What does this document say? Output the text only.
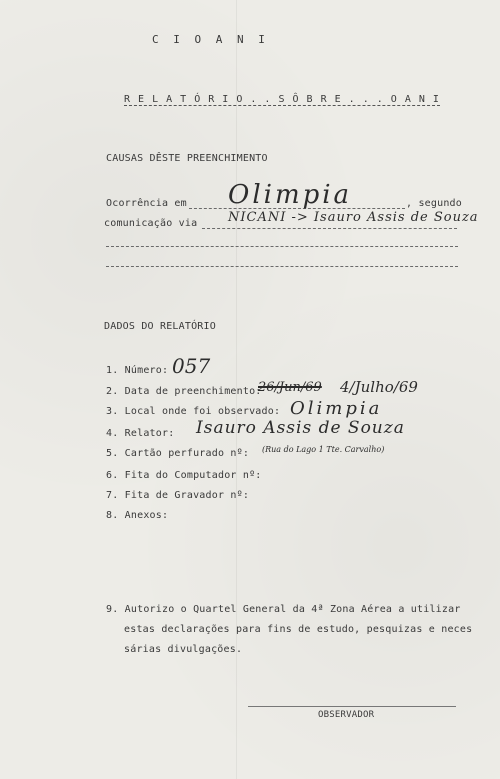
C I O A N I
R E L A T Ó R I O . . S Ô B R E . . . O A N I
CAUSAS DÊSTE PREENCHIMENTO
Ocorrência em Olimpia	, segundo
comunicação via NICANI -> Isauro Assis de Souza
DADOS DO RELATÓRIO
1. Número: 057
2. Data de preenchimento:
26/Jun/69 4/Julho/69
3. Local onde foi observado: Olimpia
4. Relator: Isauro Assis de Souza
5. Cartão perfurado nº: (Rua do Lago 1 Tte. Carvalho)
6. Fita do Computador nº:
7. Fita de Gravador nº:
8. Anexos:
9. Autorizo o Quartel General da 4ª Zona Aérea a utilizar
estas declarações para fins de estudo, pesquizas e neces
sárias divulgações.
OBSERVADOR
